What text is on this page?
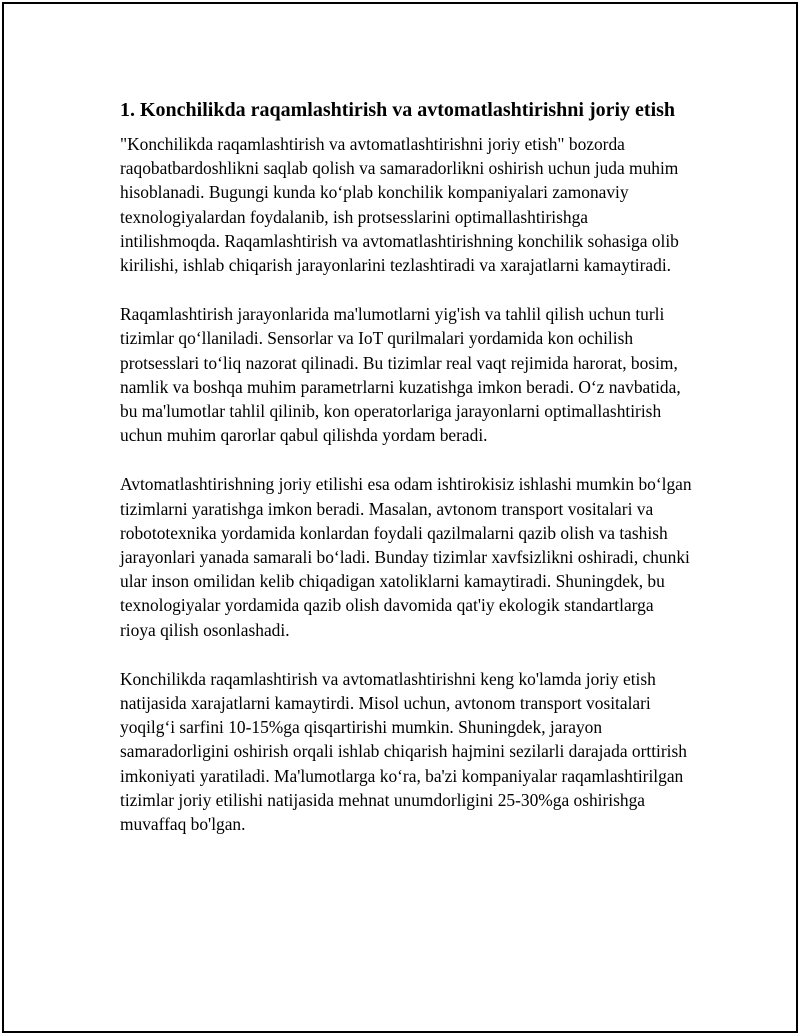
1. Konchilikda raqamlashtirish va avtomatlashtirishni joriy etish

"Konchilikda raqamlashtirish va avtomatlashtirishni joriy etish" bozorda raqobatbardoshlikni saqlab qolish va samaradorlikni oshirish uchun juda muhim hisoblanadi. Bugungi kunda ko‘plab konchilik kompaniyalari zamonaviy texnologiyalardan foydalanib, ish protsesslarini optimallashtirishga intilishmoqda. Raqamlashtirish va avtomatlashtirishning konchilik sohasiga olib kirilishi, ishlab chiqarish jarayonlarini tezlashtiradi va xarajatlarni kamaytiradi.

Raqamlashtirish jarayonlarida ma'lumotlarni yig'ish va tahlil qilish uchun turli tizimlar qo‘llaniladi. Sensorlar va IoT qurilmalari yordamida kon ochilish protsesslari to‘liq nazorat qilinadi. Bu tizimlar real vaqt rejimida harorat, bosim, namlik va boshqa muhim parametrlarni kuzatishga imkon beradi. O‘z navbatida, bu ma'lumotlar tahlil qilinib, kon operatorlariga jarayonlarni optimallashtirish uchun muhim qarorlar qabul qilishda yordam beradi.

Avtomatlashtirishning joriy etilishi esa odam ishtirokisiz ishlashi mumkin bo‘lgan tizimlarni yaratishga imkon beradi. Masalan, avtonom transport vositalari va robototexnika yordamida konlardan foydali qazilmalarni qazib olish va tashish jarayonlari yanada samarali bo‘ladi. Bunday tizimlar xavfsizlikni oshiradi, chunki ular inson omilidan kelib chiqadigan xatoliklarni kamaytiradi. Shuningdek, bu texnologiyalar yordamida qazib olish davomida qat'iy ekologik standartlarga rioya qilish osonlashadi.

Konchilikda raqamlashtirish va avtomatlashtirishni keng ko'lamda joriy etish natijasida xarajatlarni kamaytirdi. Misol uchun, avtonom transport vositalari yoqilg‘i sarfini 10-15%ga qisqartirishi mumkin. Shuningdek, jarayon samaradorligini oshirish orqali ishlab chiqarish hajmini sezilarli darajada orttirish imkoniyati yaratiladi. Ma'lumotlarga ko‘ra, ba'zi kompaniyalar raqamlashtirilgan tizimlar joriy etilishi natijasida mehnat unumdorligini 25-30%ga oshirishga muvaffaq bo'lgan.
